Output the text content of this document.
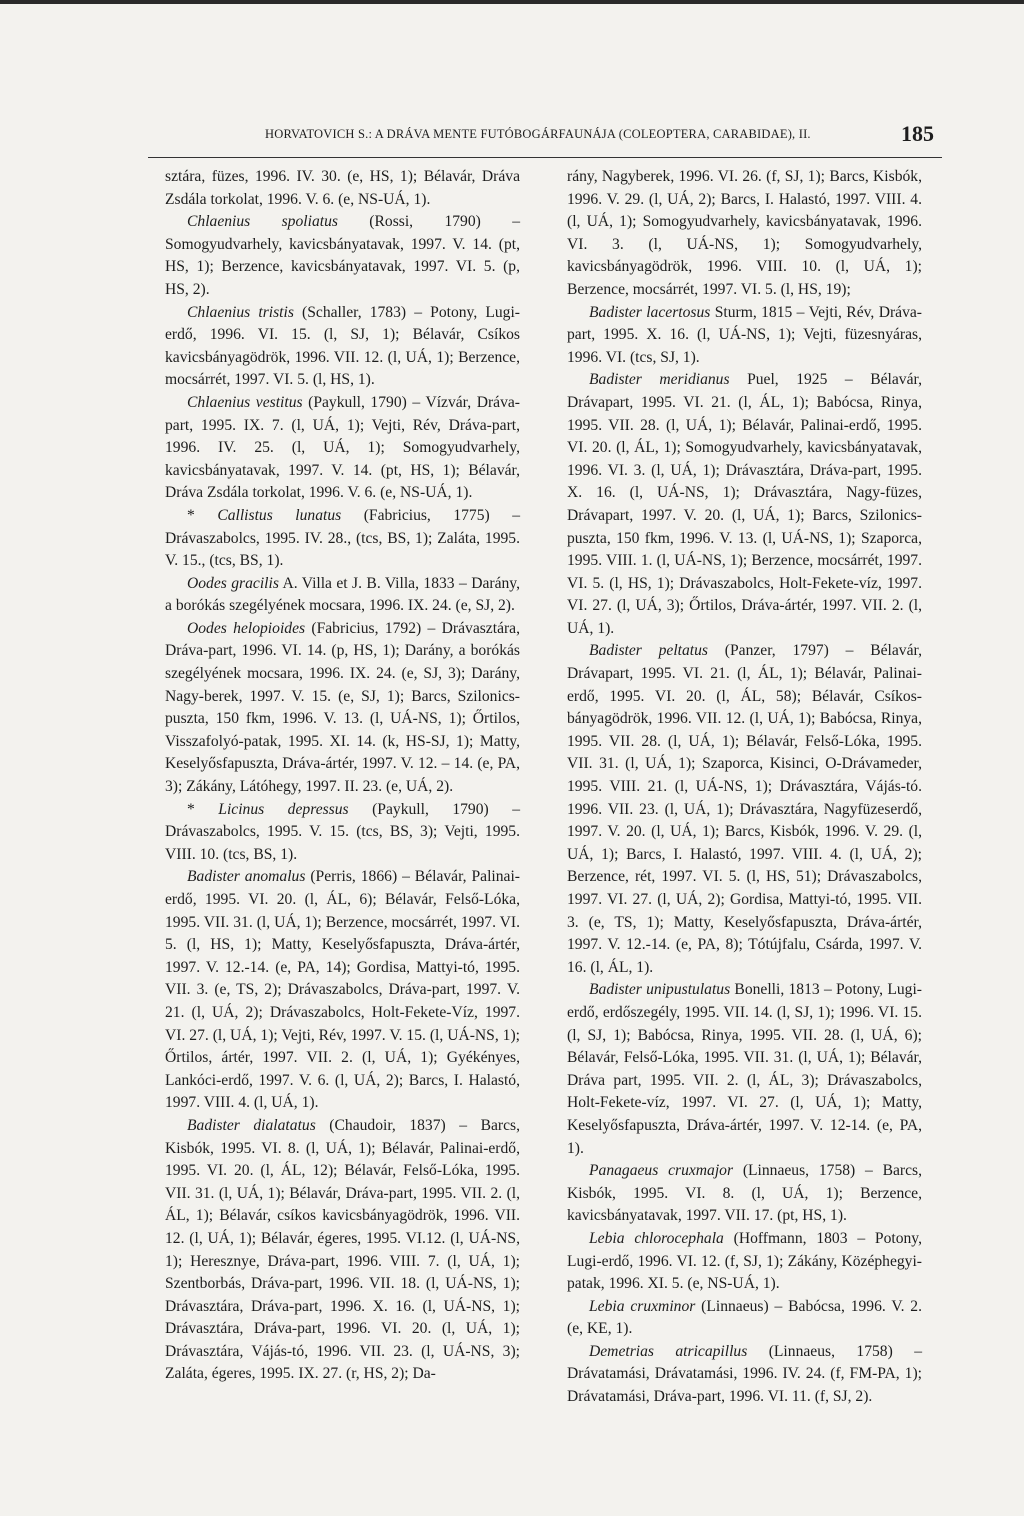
HORVATOVICH S.: A DRÁVA MENTE FUTÓBOGÁRFAUNÁJA (COLEOPTERA, CARABIDAE), II.	185

sztára, füzes, 1996. IV. 30. (e, HS, 1); Bélavár, Dráva Zsdála torkolat, 1996. V. 6. (e, NS-UÁ, 1).

Chlaenius spoliatus (Rossi, 1790) – Somogyudvarhely, kavicsbányatavak, 1997. V. 14. (pt, HS, 1); Berzence, kavicsbányatavak, 1997. VI. 5. (p, HS, 2).

Chlaenius tristis (Schaller, 1783) – Potony, Lugi-erdő, 1996. VI. 15. (l, SJ, 1); Bélavár, Csíkos kavicsbányagödrök, 1996. VII. 12. (l, UÁ, 1); Berzence, mocsárrét, 1997. VI. 5. (l, HS, 1).

Chlaenius vestitus (Paykull, 1790) – Vízvár, Dráva-part, 1995. IX. 7. (l, UÁ, 1); Vejti, Rév, Dráva-part, 1996. IV. 25. (l, UÁ, 1); Somogyudvarhely, kavicsbányatavak, 1997. V. 14. (pt, HS, 1); Bélavár, Dráva Zsdála torkolat, 1996. V. 6. (e, NS-UÁ, 1).

* Callistus lunatus (Fabricius, 1775) – Drávaszabolcs, 1995. IV. 28., (tcs, BS, 1); Zaláta, 1995. V. 15., (tcs, BS, 1).

Oodes gracilis A. Villa et J. B. Villa, 1833 – Darány, a borókás szegélyének mocsara, 1996. IX. 24. (e, SJ, 2).

Oodes helopioides (Fabricius, 1792) – Drávasztára, Dráva-part, 1996. VI. 14. (p, HS, 1); Darány, a borókás szegélyének mocsara, 1996. IX. 24. (e, SJ, 3); Darány, Nagy-berek, 1997. V. 15. (e, SJ, 1); Barcs, Szilonics-puszta, 150 fkm, 1996. V. 13. (l, UÁ-NS, 1); Őrtilos, Visszafolyó-patak, 1995. XI. 14. (k, HS-SJ, 1); Matty, Keselyősfapuszta, Dráva-ártér, 1997. V. 12. – 14. (e, PA, 3); Zákány, Látóhegy, 1997. II. 23. (e, UÁ, 2).

* Licinus depressus (Paykull, 1790) – Drávaszabolcs, 1995. V. 15. (tcs, BS, 3); Vejti, 1995. VIII. 10. (tcs, BS, 1).

Badister anomalus (Perris, 1866) – Bélavár, Palinai-erdő, 1995. VI. 20. (l, ÁL, 6); Bélavár, Felső-Lóka, 1995. VII. 31. (l, UÁ, 1); Berzence, mocsárrét, 1997. VI. 5. (l, HS, 1); Matty, Keselyősfapuszta, Dráva-ártér, 1997. V. 12.-14. (e, PA, 14); Gordisa, Mattyi-tó, 1995. VII. 3. (e, TS, 2); Drávaszabolcs, Dráva-part, 1997. V. 21. (l, UÁ, 2); Drávaszabolcs, Holt-Fekete-Víz, 1997. VI. 27. (l, UÁ, 1); Vejti, Rév, 1997. V. 15. (l, UÁ-NS, 1); Őrtilos, ártér, 1997. VII. 2. (l, UÁ, 1); Gyékényes, Lankóci-erdő, 1997. V. 6. (l, UÁ, 2); Barcs, I. Halastó, 1997. VIII. 4. (l, UÁ, 1).

Badister dialatatus (Chaudoir, 1837) – Barcs, Kisbók, 1995. VI. 8. (l, UÁ, 1); Bélavár, Palinai-erdő, 1995. VI. 20. (l, ÁL, 12); Bélavár, Felső-Lóka, 1995. VII. 31. (l, UÁ, 1); Bélavár, Dráva-part, 1995. VII. 2. (l, ÁL, 1); Bélavár, csíkos kavicsbányagödrök, 1996. VII. 12. (l, UÁ, 1); Bélavár, égeres, 1995. VI.12. (l, UÁ-NS, 1); Heresznye, Dráva-part, 1996. VIII. 7. (l, UÁ, 1); Szentborbás, Dráva-part, 1996. VII. 18. (l, UÁ-NS, 1); Drávasztára, Dráva-part, 1996. X. 16. (l, UÁ-NS, 1); Drávasztára, Dráva-part, 1996. VI. 20. (l, UÁ, 1); Drávasztára, Vájás-tó, 1996. VII. 23. (l, UÁ-NS, 3); Zaláta, égeres, 1995. IX. 27. (r, HS, 2); Da-

rány, Nagyberek, 1996. VI. 26. (f, SJ, 1); Barcs, Kisbók, 1996. V. 29. (l, UÁ, 2); Barcs, I. Halastó, 1997. VIII. 4. (l, UÁ, 1); Somogyudvarhely, kavicsbányatavak, 1996. VI. 3. (l, UÁ-NS, 1); Somogyudvarhely, kavicsbányagödrök, 1996. VIII. 10. (l, UÁ, 1); Berzence, mocsárrét, 1997. VI. 5. (l, HS, 19);

Badister lacertosus Sturm, 1815 – Vejti, Rév, Dráva-part, 1995. X. 16. (l, UÁ-NS, 1); Vejti, füzesnyáras, 1996. VI. (tcs, SJ, 1).

Badister meridianus Puel, 1925 – Bélavár, Drávapart, 1995. VI. 21. (l, ÁL, 1); Babócsa, Rinya, 1995. VII. 28. (l, UÁ, 1); Bélavár, Palinai-erdő, 1995. VI. 20. (l, ÁL, 1); Somogyudvarhely, kavicsbányatavak, 1996. VI. 3. (l, UÁ, 1); Drávasztára, Dráva-part, 1995. X. 16. (l, UÁ-NS, 1); Drávasztára, Nagy-füzes, Drávapart, 1997. V. 20. (l, UÁ, 1); Barcs, Szilonics-puszta, 150 fkm, 1996. V. 13. (l, UÁ-NS, 1); Szaporca, 1995. VIII. 1. (l, UÁ-NS, 1); Berzence, mocsárrét, 1997. VI. 5. (l, HS, 1); Drávaszabolcs, Holt-Fekete-víz, 1997. VI. 27. (l, UÁ, 3); Őrtilos, Dráva-ártér, 1997. VII. 2. (l, UÁ, 1).

Badister peltatus (Panzer, 1797) – Bélavár, Drávapart, 1995. VI. 21. (l, ÁL, 1); Bélavár, Palinai-erdő, 1995. VI. 20. (l, ÁL, 58); Bélavár, Csíkos-bányagödrök, 1996. VII. 12. (l, UÁ, 1); Babócsa, Rinya, 1995. VII. 28. (l, UÁ, 1); Bélavár, Felső-Lóka, 1995. VII. 31. (l, UÁ, 1); Szaporca, Kisinci, O-Drávameder, 1995. VIII. 21. (l, UÁ-NS, 1); Drávasztára, Vájás-tó. 1996. VII. 23. (l, UÁ, 1); Drávasztára, Nagyfüzeserdő, 1997. V. 20. (l, UÁ, 1); Barcs, Kisbók, 1996. V. 29. (l, UÁ, 1); Barcs, I. Halastó, 1997. VIII. 4. (l, UÁ, 2); Berzence, rét, 1997. VI. 5. (l, HS, 51); Drávaszabolcs, 1997. VI. 27. (l, UÁ, 2); Gordisa, Mattyi-tó, 1995. VII. 3. (e, TS, 1); Matty, Keselyősfapuszta, Dráva-ártér, 1997. V. 12.-14. (e, PA, 8); Tótújfalu, Csárda, 1997. V. 16. (l, ÁL, 1).

Badister unipustulatus Bonelli, 1813 – Potony, Lugi-erdő, erdőszegély, 1995. VII. 14. (l, SJ, 1); 1996. VI. 15.(l, SJ, 1); Babócsa, Rinya, 1995. VII. 28. (l, UÁ, 6); Bélavár, Felső-Lóka, 1995. VII. 31. (l, UÁ, 1); Bélavár, Dráva part, 1995. VII. 2. (l, ÁL, 3); Drávaszabolcs, Holt-Fekete-víz, 1997. VI. 27. (l, UÁ, 1); Matty, Keselyősfapuszta, Dráva-ártér, 1997. V. 12-14. (e, PA, 1).

Panagaeus cruxmajor (Linnaeus, 1758) – Barcs, Kisbók, 1995. VI. 8. (l, UÁ, 1); Berzence, kavicsbányatavak, 1997. VII. 17. (pt, HS, 1).

Lebia chlorocephala (Hoffmann, 1803 – Potony, Lugi-erdő, 1996. VI. 12. (f, SJ, 1); Zákány, Középhegyi-patak, 1996. XI. 5. (e, NS-UÁ, 1).

Lebia cruxminor (Linnaeus) – Babócsa, 1996. V. 2. (e, KE, 1).

Demetrias atricapillus (Linnaeus, 1758) – Drávatamási, Drávatamási, 1996. IV. 24. (f, FM-PA, 1); Drávatamási, Dráva-part, 1996. VI. 11. (f, SJ, 2).
